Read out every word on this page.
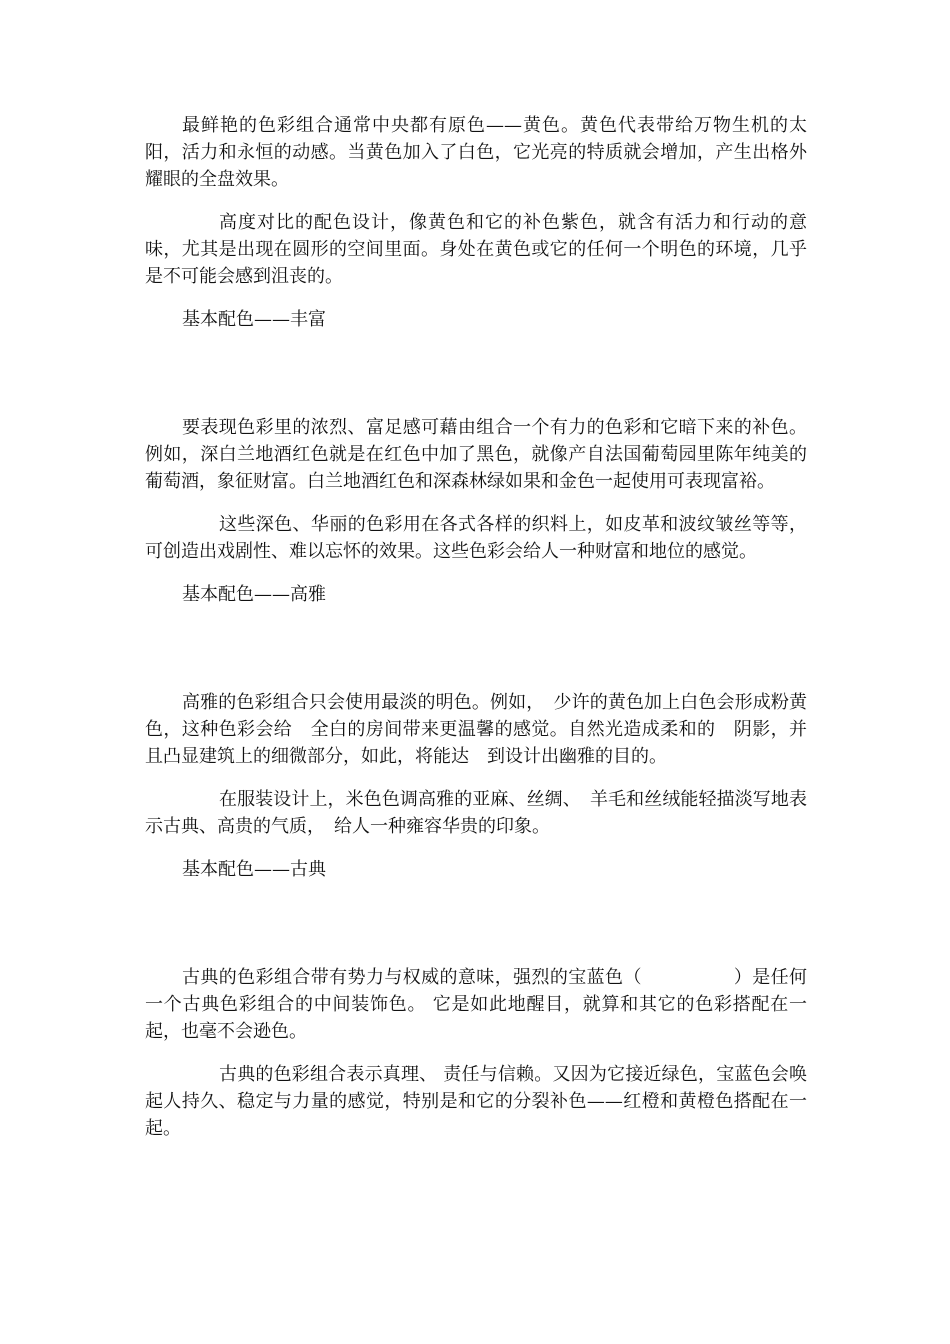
最鲜艳的色彩组合通常中央都有原色——黄色。黄色代表带给万物生机的太阳，活力和永恒的动感。当黄色加入了白色，它光亮的特质就会增加，产生出格外耀眼的全盘效果。

高度对比的配色设计，像黄色和它的补色紫色，就含有活力和行动的意味，尤其是出现在圆形的空间里面。身处在黄色或它的任何一个明色的环境，几乎是不可能会感到沮丧的。

基本配色——丰富

要表现色彩里的浓烈、富足感可藉由组合一个有力的色彩和它暗下来的补色。例如，深白兰地酒红色就是在红色中加了黑色，就像产自法国葡萄园里陈年纯美的葡萄酒，象征财富。白兰地酒红色和深森林绿如果和金色一起使用可表现富裕。

这些深色、华丽的色彩用在各式各样的织料上，如皮革和波纹皱丝等等，可创造出戏剧性、难以忘怀的效果。这些色彩会给人一种财富和地位的感觉。

基本配色——高雅

高雅的色彩组合只会使用最淡的明色。例如，　少许的黄色加上白色会形成粉黄色，这种色彩会给　全白的房间带来更温馨的感觉。自然光造成柔和的　阴影，并且凸显建筑上的细微部分，如此，将能达　到设计出幽雅的目的。

在服装设计上，米色色调高雅的亚麻、丝绸、　羊毛和丝绒能轻描淡写地表示古典、高贵的气质，　给人一种雍容华贵的印象。

基本配色——古典

古典的色彩组合带有势力与权威的意味，强烈的宝蓝色（　　　　　）是任何一个古典色彩组合的中间装饰色。 它是如此地醒目，就算和其它的色彩搭配在一起，也毫不会逊色。

古典的色彩组合表示真理、 责任与信赖。又因为它接近绿色，宝蓝色会唤起人持久、稳定与力量的感觉，特别是和它的分裂补色——红橙和黄橙色搭配在一起。
